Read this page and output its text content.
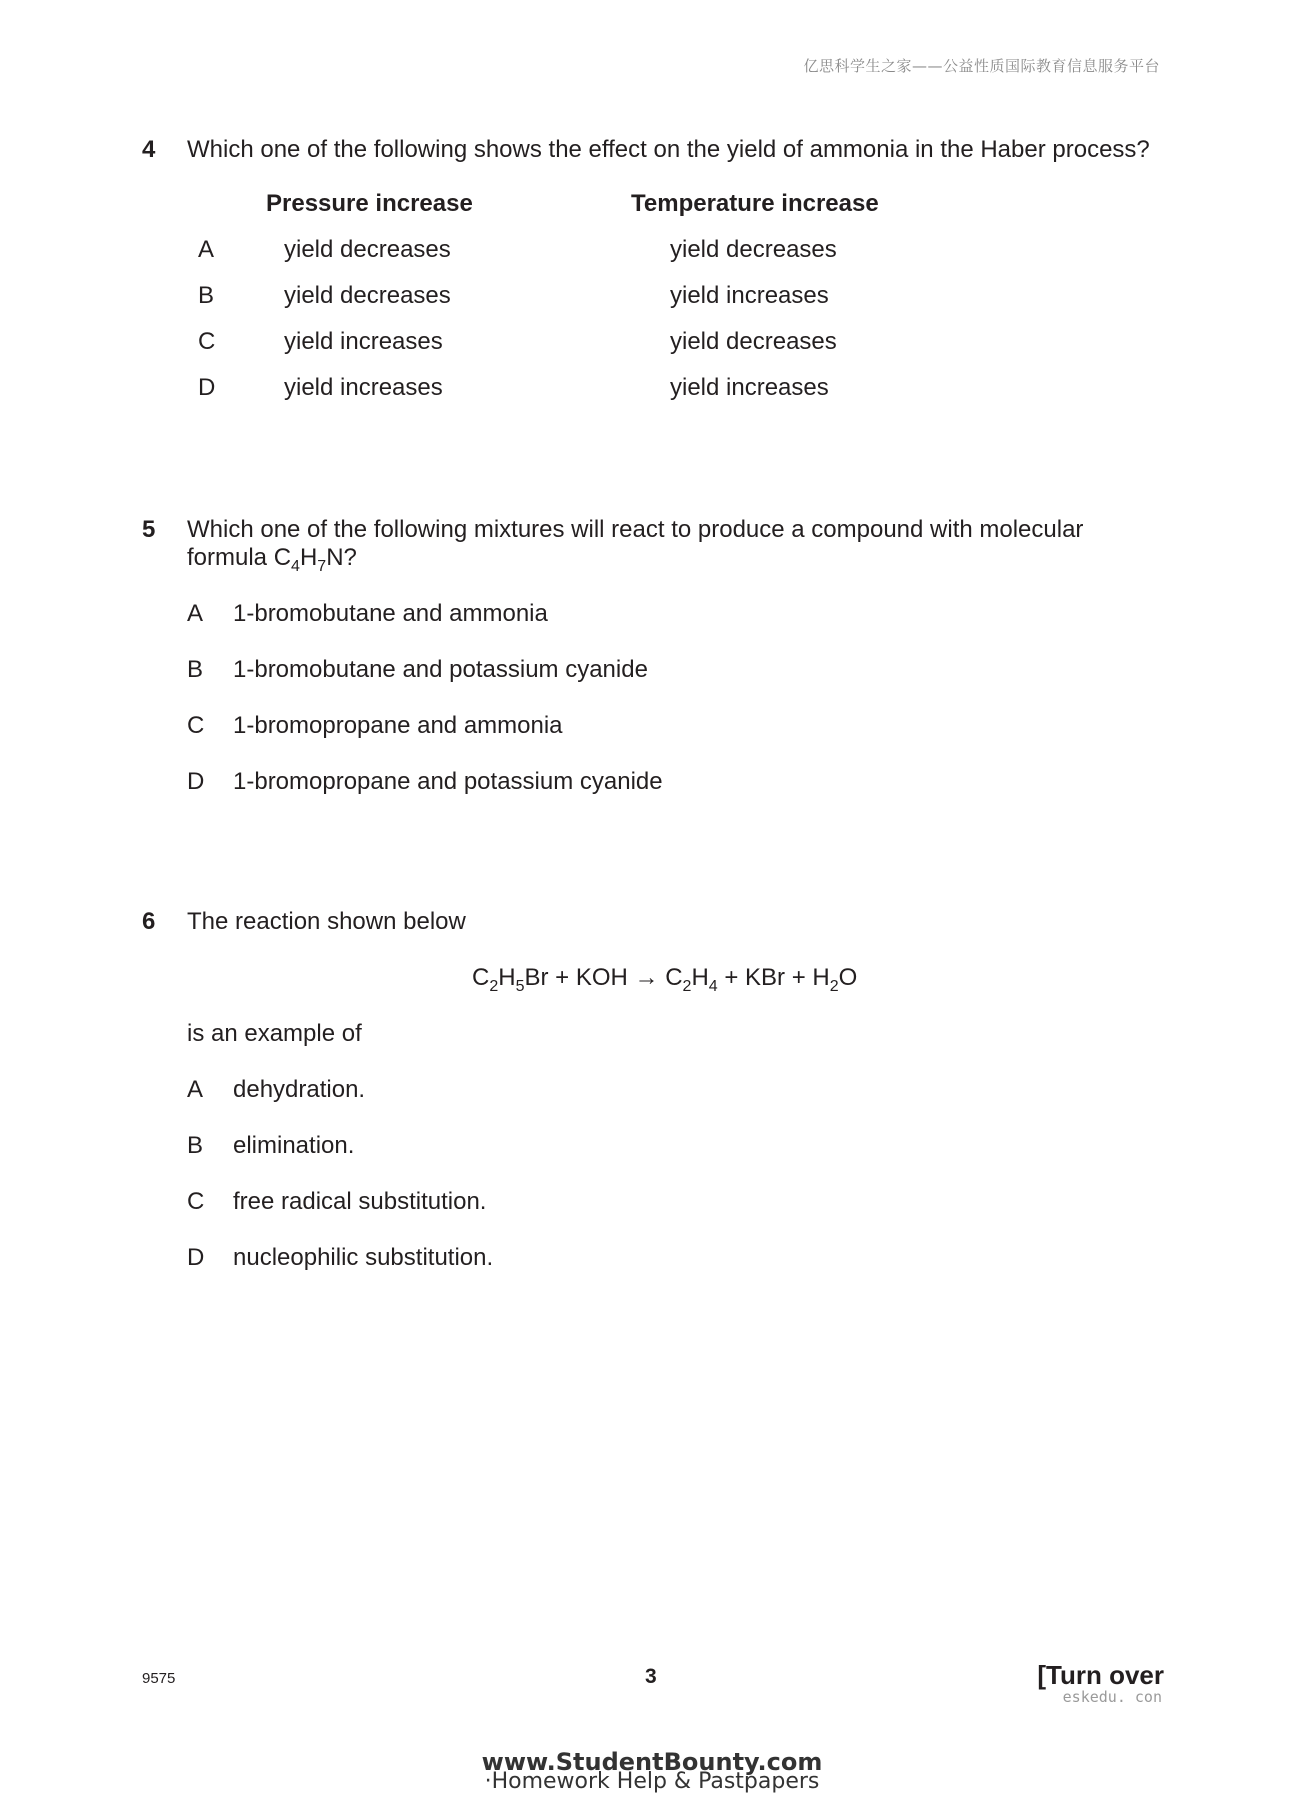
亿思科学生之家——公益性质国际教育信息服务平台
4 Which one of the following shows the effect on the yield of ammonia in the Haber process?
Pressure increase	Temperature increase
A	yield decreases	yield decreases
B	yield decreases	yield increases
C	yield increases	yield decreases
D	yield increases	yield increases
5 Which one of the following mixtures will react to produce a compound with molecular
formula $C_4H_7N$?
A 1-bromobutane and ammonia
B 1-bromobutane and potassium cyanide
C 1-bromopropane and ammonia
D 1-bromopropane and potassium cyanide
6 The reaction shown below
$C_2H_5Br$ + KOH → $C_2H_4$ + KBr + $H_2O$
is an example of
A dehydration.
B elimination.
C free radical substitution.
D nucleophilic substitution.
9575	3	[Turn over
eskedu. con
www.StudentBounty.com
·Homework Help & Pastpapers
